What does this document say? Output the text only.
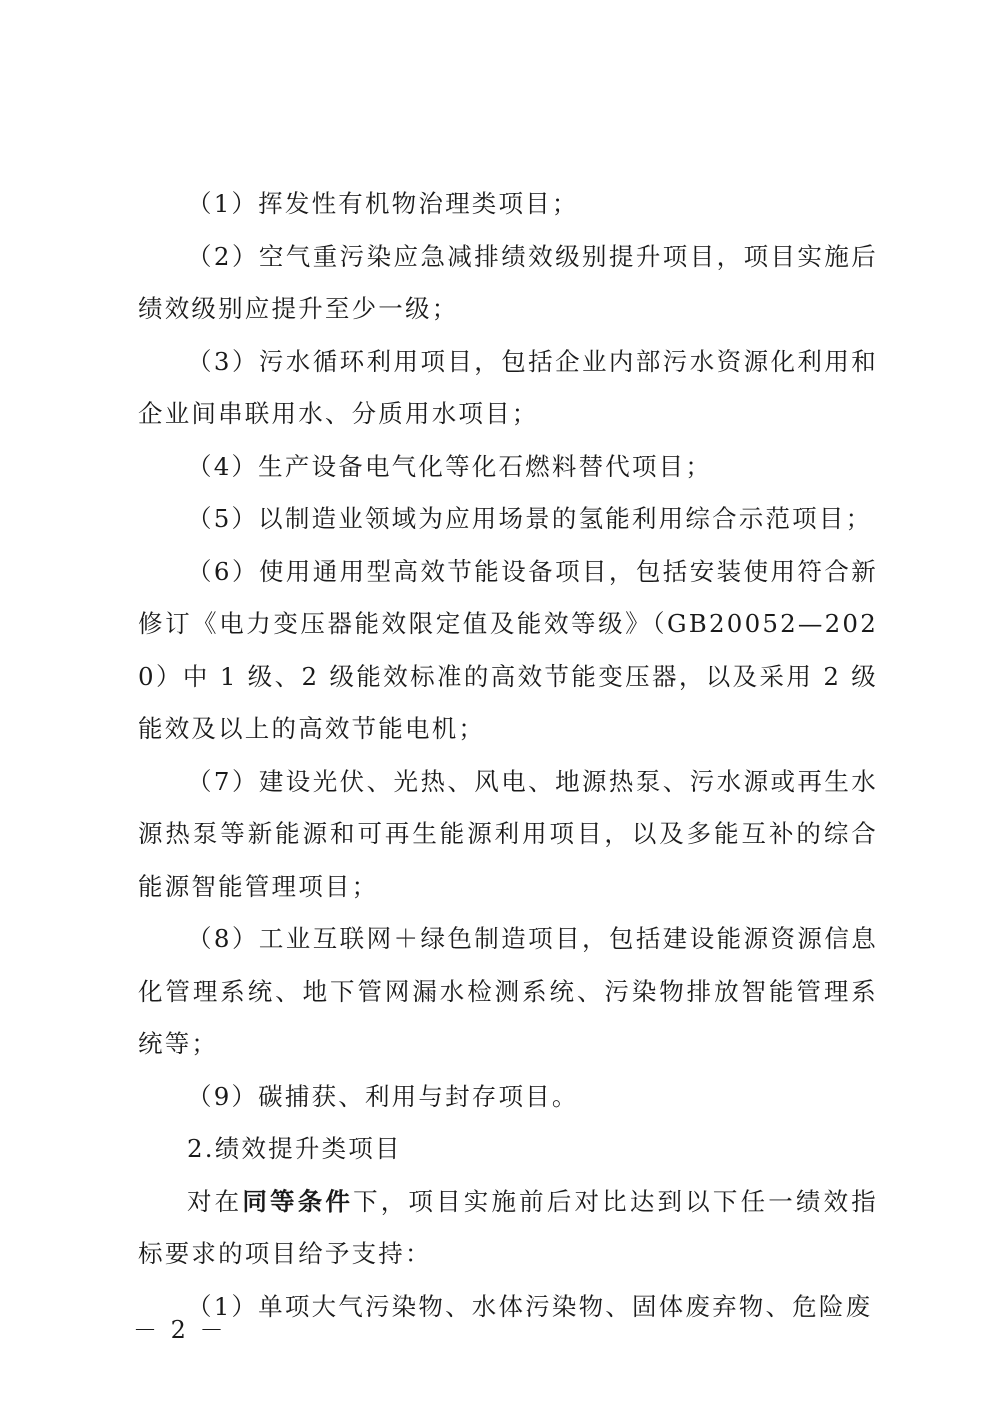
（1）挥发性有机物治理类项目；

（2）空气重污染应急减排绩效级别提升项目，项目实施后绩效级别应提升至少一级；

（3）污水循环利用项目，包括企业内部污水资源化利用和企业间串联用水、分质用水项目；

（4）生产设备电气化等化石燃料替代项目；

（5）以制造业领域为应用场景的氢能利用综合示范项目；

（6）使用通用型高效节能设备项目，包括安装使用符合新修订《电力变压器能效限定值及能效等级》（GB20052—2020）中 1 级、2 级能效标准的高效节能变压器，以及采用 2 级能效及以上的高效节能电机；

（7）建设光伏、光热、风电、地源热泵、污水源或再生水源热泵等新能源和可再生能源利用项目，以及多能互补的综合能源智能管理项目；

（8）工业互联网＋绿色制造项目，包括建设能源资源信息化管理系统、地下管网漏水检测系统、污染物排放智能管理系统等；

（9）碳捕获、利用与封存项目。

2.绩效提升类项目

对在同等条件下，项目实施前后对比达到以下任一绩效指标要求的项目给予支持：

（1）单项大气污染物、水体污染物、固体废弃物、危险废

－ 2 －
